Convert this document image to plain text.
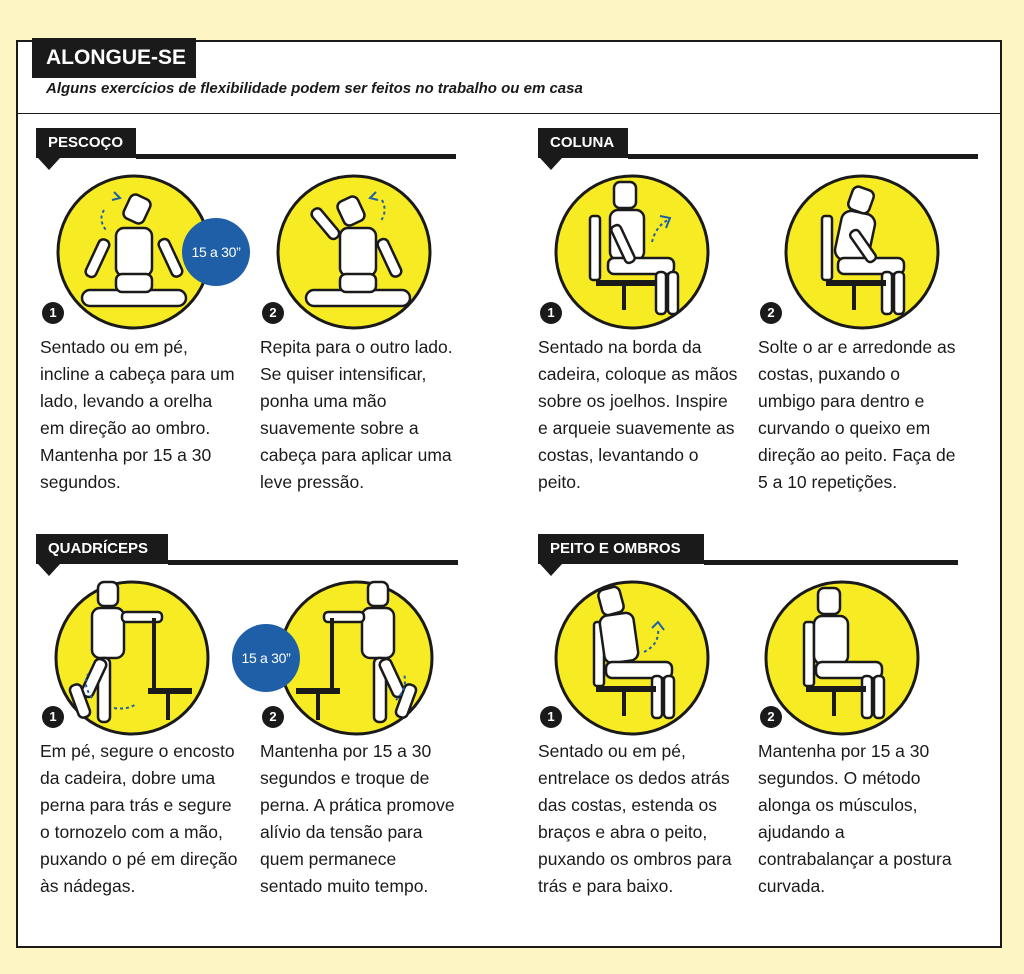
ALONGUE-SE
Alguns exercícios de flexibilidade podem ser feitos no trabalho ou em casa
PESCOÇO
15 a 30”
1
Sentado ou em pé, incline a cabeça para um lado, levando a orelha em direção ao ombro. Mantenha por 15 a 30 segundos.
2
Repita para o outro lado. Se quiser intensificar, ponha uma mão suavemente sobre a cabeça para aplicar uma leve pressão.
COLUNA
1
Sentado na borda da cadeira, coloque as mãos sobre os joelhos. Inspire e arqueie suavemente as costas, levantando o peito.
2
Solte o ar e arredonde as costas, puxando o umbigo para dentro e curvando o queixo em direção ao peito. Faça de 5 a 10 repetições.
QUADRÍCEPS
1
Em pé, segure o encosto da cadeira, dobre uma perna para trás e segure o tornozelo com a mão, puxando o pé em direção às nádegas.
15 a 30”
2
Mantenha por 15 a 30 segundos e troque de perna. A prática promove alívio da tensão para quem permanece sentado muito tempo.
PEITO E OMBROS
1
Sentado ou em pé, entrelace os dedos atrás das costas, estenda os braços e abra o peito, puxando os ombros para trás e para baixo.
2
Mantenha por 15 a 30 segundos. O método alonga os músculos, ajudando a contrabalançar a postura curvada.
